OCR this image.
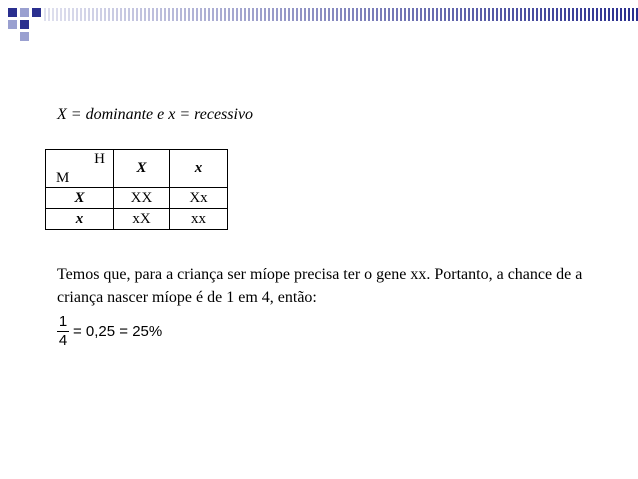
X = dominante e x = recessivo
H
M	X	x
X	XX	Xx
x	xX	xx
Temos que, para a criança ser míope precisa ter o gene xx. Portanto, a chance de a criança nascer míope é de 1 em 4, então:
$\frac{1}{4} = 0,25 = 25\%$
